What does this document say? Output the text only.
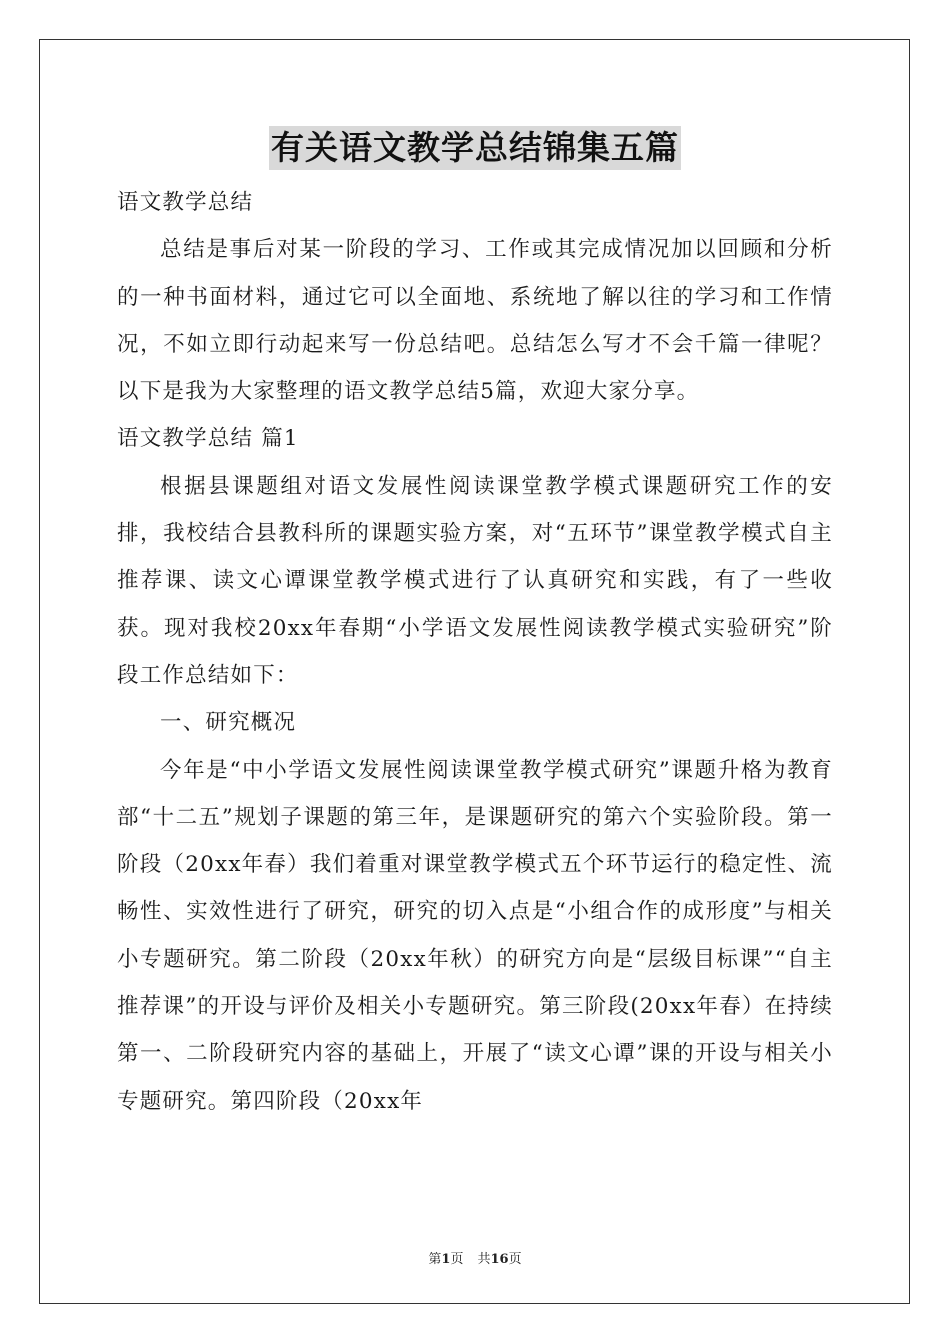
有关语文教学总结锦集五篇

语文教学总结

总结是事后对某一阶段的学习、工作或其完成情况加以回顾和分析的一种书面材料，通过它可以全面地、系统地了解以往的学习和工作情况，不如立即行动起来写一份总结吧。总结怎么写才不会千篇一律呢？以下是我为大家整理的语文教学总结5篇，欢迎大家分享。

语文教学总结 篇1

根据县课题组对语文发展性阅读课堂教学模式课题研究工作的安排，我校结合县教科所的课题实验方案，对“五环节”课堂教学模式自主推荐课、读文心谭课堂教学模式进行了认真研究和实践，有了一些收获。现对我校20xx年春期“小学语文发展性阅读教学模式实验研究”阶段工作总结如下：

一、研究概况

今年是“中小学语文发展性阅读课堂教学模式研究”课题升格为教育部“十二五”规划子课题的第三年，是课题研究的第六个实验阶段。第一阶段（20xx年春）我们着重对课堂教学模式五个环节运行的稳定性、流畅性、实效性进行了研究，研究的切入点是“小组合作的成形度”与相关小专题研究。第二阶段（20xx年秋）的研究方向是“层级目标课”“自主推荐课”的开设与评价及相关小专题研究。第三阶段(20xx年春）在持续第一、二阶段研究内容的基础上，开展了“读文心谭”课的开设与相关小专题研究。第四阶段（20xx年

第1页 共16页
